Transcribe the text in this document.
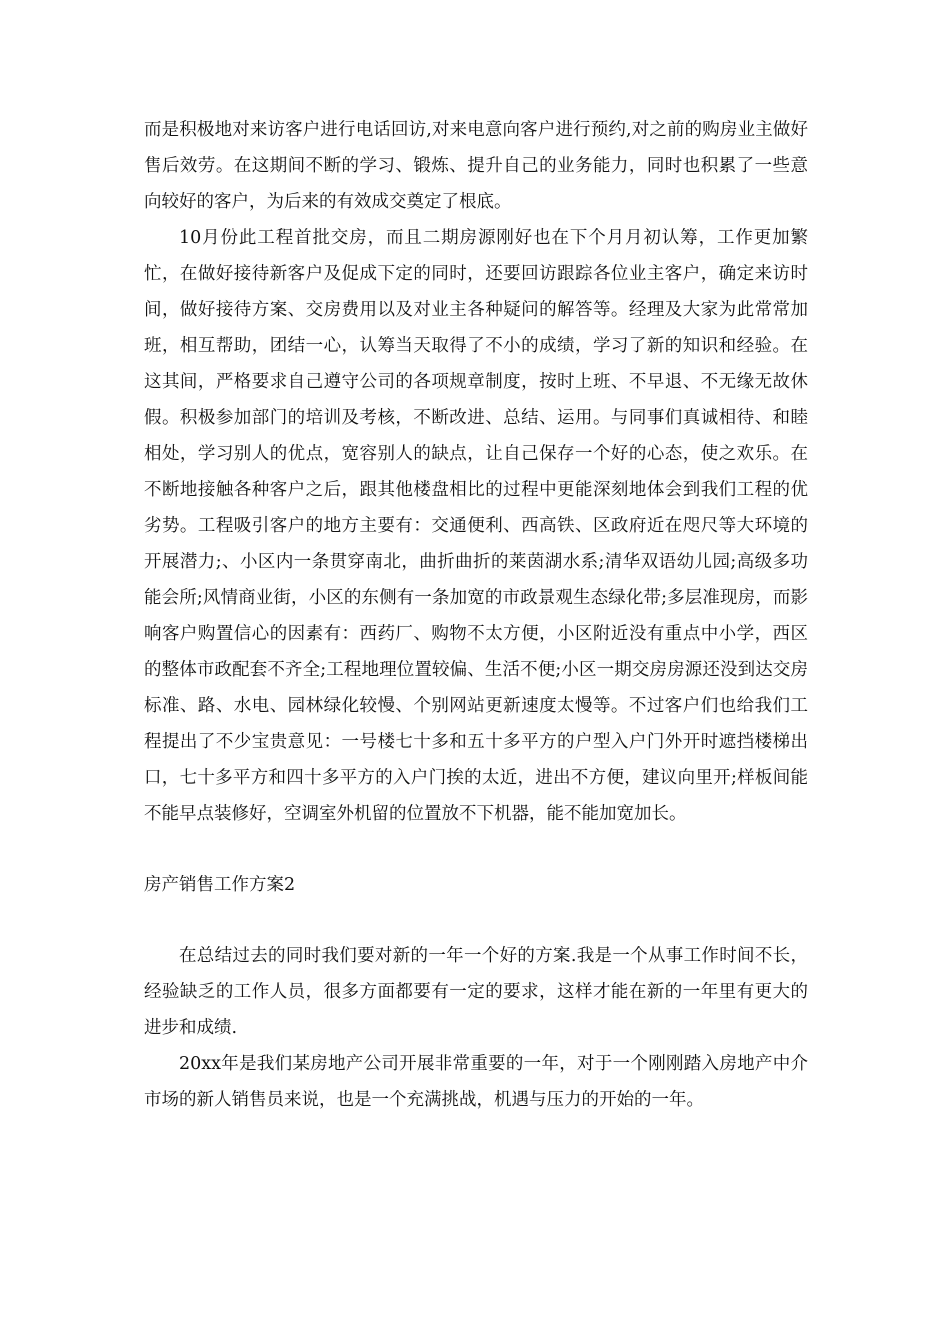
而是积极地对来访客户进行电话回访,对来电意向客户进行预约,对之前的购房业主做好售后效劳。在这期间不断的学习、锻炼、提升自己的业务能力，同时也积累了一些意向较好的客户，为后来的有效成交奠定了根底。

10月份此工程首批交房，而且二期房源刚好也在下个月月初认筹，工作更加繁忙，在做好接待新客户及促成下定的同时，还要回访跟踪各位业主客户，确定来访时间，做好接待方案、交房费用以及对业主各种疑问的解答等。经理及大家为此常常加班，相互帮助，团结一心，认筹当天取得了不小的成绩，学习了新的知识和经验。在这其间，严格要求自己遵守公司的各项规章制度，按时上班、不早退、不无缘无故休假。积极参加部门的培训及考核，不断改进、总结、运用。与同事们真诚相待、和睦相处，学习别人的优点，宽容别人的缺点，让自己保存一个好的心态，使之欢乐。在不断地接触各种客户之后，跟其他楼盘相比的过程中更能深刻地体会到我们工程的优劣势。工程吸引客户的地方主要有：交通便利、西高铁、区政府近在咫尺等大环境的开展潜力;、小区内一条贯穿南北，曲折曲折的莱茵湖水系;清华双语幼儿园;高级多功能会所;风情商业街，小区的东侧有一条加宽的市政景观生态绿化带;多层准现房，而影响客户购置信心的因素有：西药厂、购物不太方便，小区附近没有重点中小学，西区的整体市政配套不齐全;工程地理位置较偏、生活不便;小区一期交房房源还没到达交房标准、路、水电、园林绿化较慢、个别网站更新速度太慢等。不过客户们也给我们工程提出了不少宝贵意见：一号楼七十多和五十多平方的户型入户门外开时遮挡楼梯出口，七十多平方和四十多平方的入户门挨的太近，进出不方便，建议向里开;样板间能不能早点装修好，空调室外机留的位置放不下机器，能不能加宽加长。

房产销售工作方案2

在总结过去的同时我们要对新的一年一个好的方案.我是一个从事工作时间不长，经验缺乏的工作人员，很多方面都要有一定的要求，这样才能在新的一年里有更大的进步和成绩.

20xx年是我们某房地产公司开展非常重要的一年，对于一个刚刚踏入房地产中介市场的新人销售员来说，也是一个充满挑战，机遇与压力的开始的一年。
